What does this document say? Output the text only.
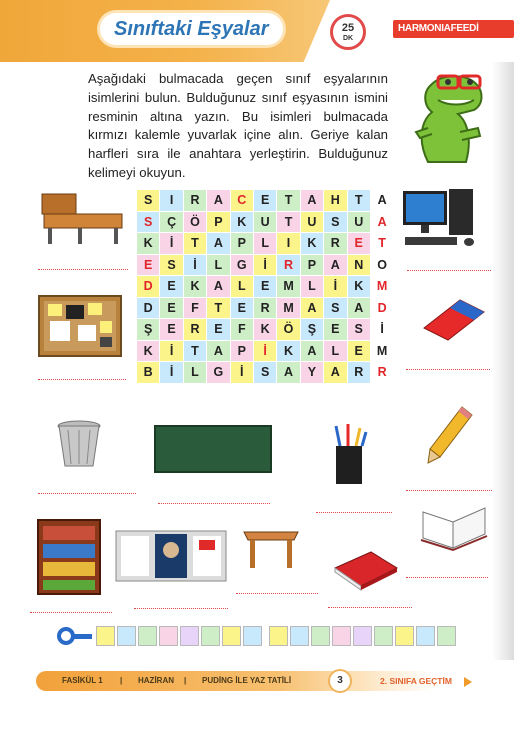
Sınıftaki Eşyalar	25
DK
HARMONIAFEEDİ İLKESİ
Aşağıdaki bulmacada geçen sınıf eşyalarının isimlerini bulun. Bulduğunuz sınıf eşyasının ismini resminin altına yazın. Bu isimleri bulmacada kırmızı kalemle yuvarlak içine alın. Geriye kalan harfleri sıra ile anahtara yerleştirin. Bulduğunuz kelimeyi okuyun.
S	I	R	A	C	E	T	A	H	T	A
S	Ç	Ö	P	K	U	T	U	S	U	A
K	İ	T	A	P	L	I	K	R	E	T
E	S	İ	L	G	İ	R	P	A	N	O
D	E	K	A	L	E	M	L	İ	K	M
D	E	F	T	E	R	M	A	S	A	D
Ş	E	R	E	F	K	Ö	Ş	E	S	İ
K	İ	T	A	P	İ	K	A	L	E	M
B	İ	L	G	İ	S	A	Y	A	R	R
FASİKÜL 1 | HAZİRAN | PUDİNG İLE YAZ TATİLİ	3	2. SINIFA GEÇTİM
